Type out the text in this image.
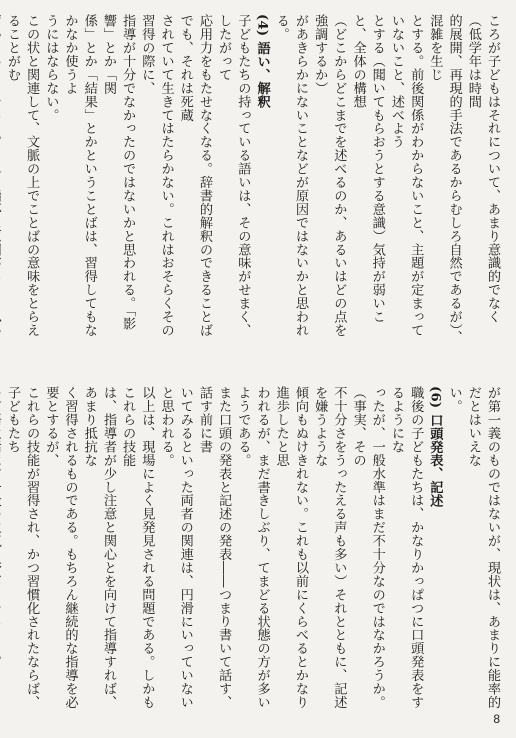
ころが子どもはそれについて、あまり意識的でなく（低学年は時間
的展開、再現的手法であるからむしろ自然であるが）、混雑を生じ
とする。前後関係がわからないこと、主題が定まっていないこと、述べよう
とする（聞いてもらおうとする意識）気持が弱いこと、全体の構想
（どこからどこまでを述べるのか、あるいはどの点を強調するか）
があきらかにないことなどが原因ではないかと思われる。
(4) 語い、解釈
子どもたちの持っている語いは、その意味がせまく、したがって
応用力をもたせなくなる。辞書的解釈のできることばでも、それは死蔵
されていて生きてはたらかない。これはおそらくその習得の際に、
指導が十分でなかったのではないかと思われる。「影響」とか「関
係」とか「結果」とかということばは、習得してもなかなか使うよ
うにはならない。
この状と関連して、文脈の上でことばの意味をとらえることがむ
が第一義のものではないが、現状は、あまりに能率的だとはいえな
い。
(6) 口頭発表、記述
職後の子どもたちは、かなりかっぱつに口頭発表をするようにな
ったが、一般水準はまだ不十分なのではなかろうか。（事実、その
不十分さをうったえる声も多い）それとともに、記述を嫌うような
傾向もぬけきれない。これも以前にくらべるとかなり進歩したと思
われるが、まだ書きしぶり、てまどる状態の方が多いようである。
また口頭の発表と記述の発表――つまり書いて話す、話す前に書
いてみるといった両者の関連は、円滑にいっていないと思われる。
以上は、現場によく見発見される問題である。しかもこれらの技能
は、指導者が少し注意と関心とを向けて指導すれば、あまり抵抗な
く習得されるものである。もちろん継続的な指導を必要とするが、
これらの技能が習得され、かつ習慣化されたならば、子どもたち
8
